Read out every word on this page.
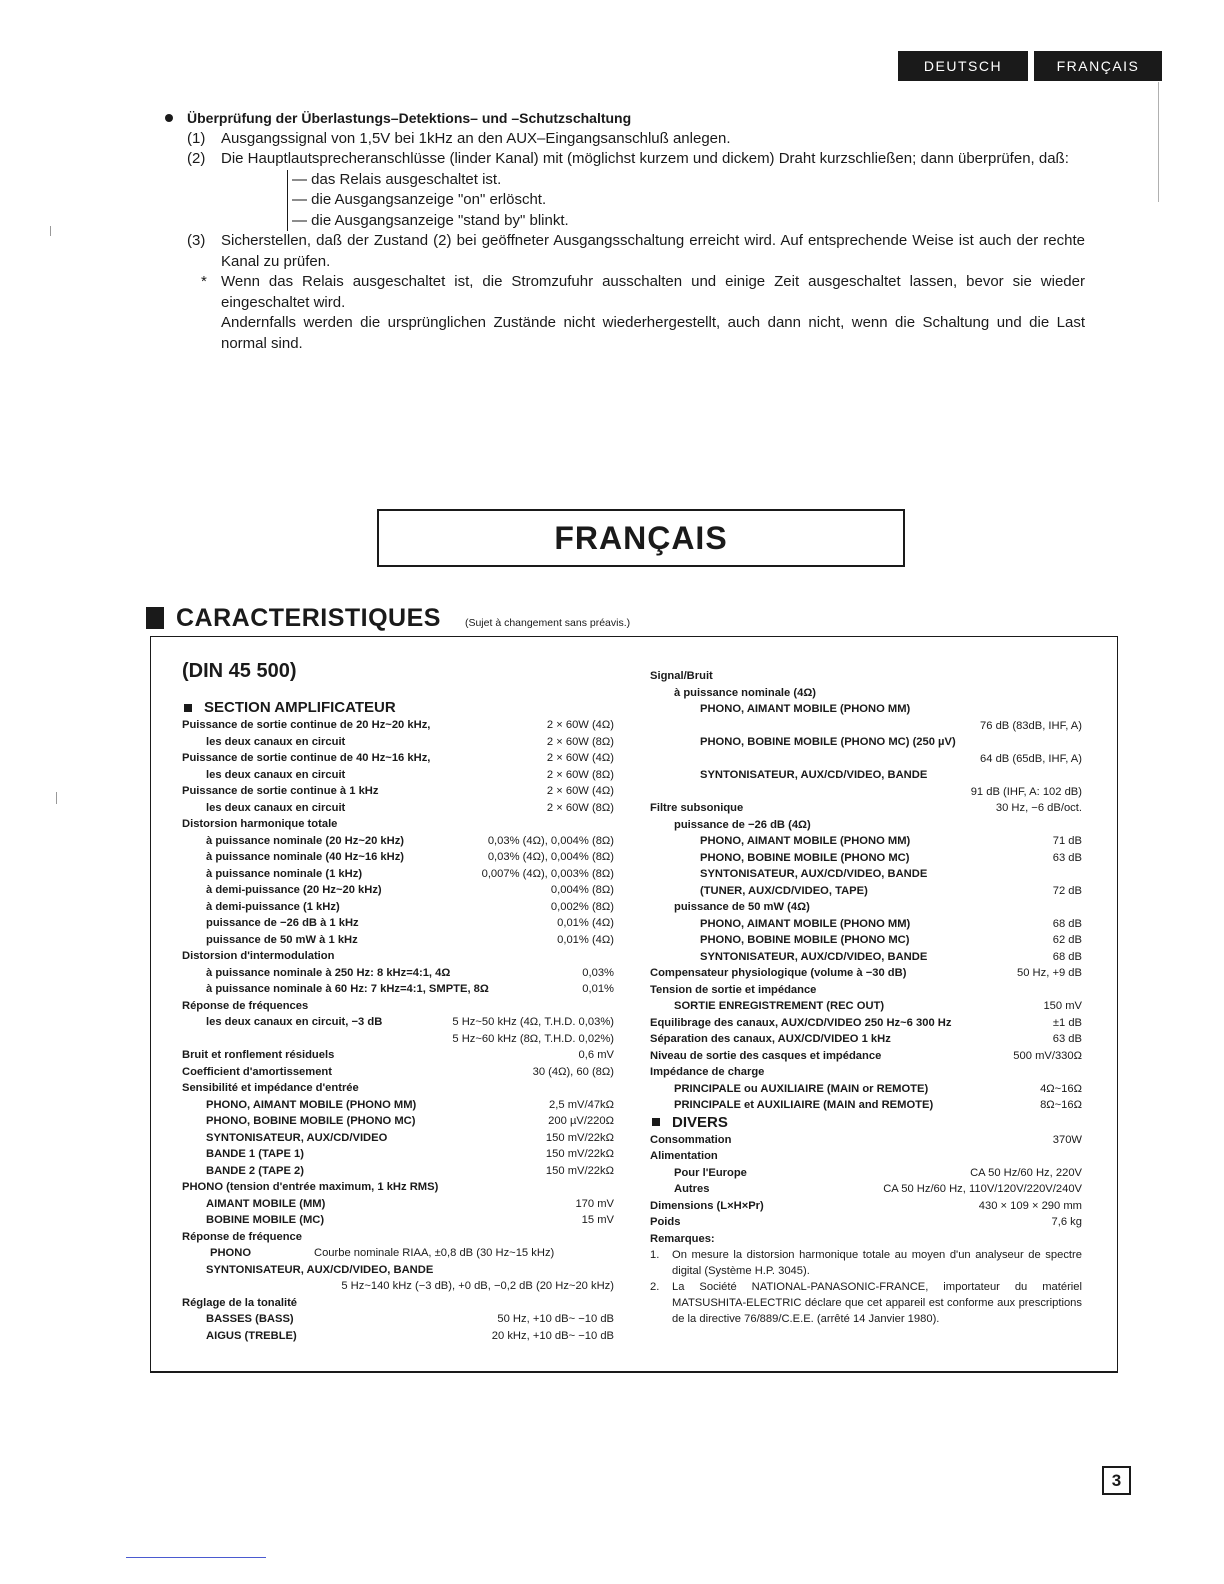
DEUTSCH	FRANÇAIS
Überprüfung der Überlastungs–Detektions– und –Schutzschaltung
(1) Ausgangssignal von 1,5V bei 1kHz an den AUX–Eingangsanschluß anlegen.
(2) Die Hauptlautsprecheranschlüsse (linder Kanal) mit (möglichst kurzem und dickem) Draht kurzschließen; dann überprüfen, daß:
— das Relais ausgeschaltet ist.
— die Ausgangsanzeige "on" erlöscht.
— die Ausgangsanzeige "stand by" blinkt.
(3) Sicherstellen, daß der Zustand (2) bei geöffneter Ausgangsschaltung erreicht wird. Auf entsprechende Weise ist auch der rechte Kanal zu prüfen.
* Wenn das Relais ausgeschaltet ist, die Stromzufuhr ausschalten und einige Zeit ausgeschaltet lassen, bevor sie wieder eingeschaltet wird.
Andernfalls werden die ursprünglichen Zustände nicht wiederhergestellt, auch dann nicht, wenn die Schaltung und die Last normal sind.
FRANÇAIS
CARACTERISTIQUES (Sujet à changement sans préavis.)
(DIN 45 500)
SECTION AMPLIFICATEUR
Puissance de sortie continue de 20 Hz~20 kHz,	2 × 60W (4Ω)
les deux canaux en circuit	2 × 60W (8Ω)
Puissance de sortie continue de 40 Hz~16 kHz,	2 × 60W (4Ω)
les deux canaux en circuit	2 × 60W (8Ω)
Puissance de sortie continue à 1 kHz	2 × 60W (4Ω)
les deux canaux en circuit	2 × 60W (8Ω)
Distorsion harmonique totale
à puissance nominale (20 Hz~20 kHz)	0,03% (4Ω), 0,004% (8Ω)
à puissance nominale (40 Hz~16 kHz)	0,03% (4Ω), 0,004% (8Ω)
à puissance nominale (1 kHz)	0,007% (4Ω), 0,003% (8Ω)
à demi-puissance (20 Hz~20 kHz)	0,004% (8Ω)
à demi-puissance (1 kHz)	0,002% (8Ω)
puissance de −26 dB à 1 kHz	0,01% (4Ω)
puissance de 50 mW à 1 kHz	0,01% (4Ω)
Distorsion d'intermodulation
à puissance nominale à 250 Hz: 8 kHz=4:1, 4Ω	0,03%
à puissance nominale à 60 Hz: 7 kHz=4:1, SMPTE, 8Ω	0,01%
Réponse de fréquences
les deux canaux en circuit, −3 dB	5 Hz~50 kHz (4Ω, T.H.D. 0,03%)
5 Hz~60 kHz (8Ω, T.H.D. 0,02%)
Bruit et ronflement résiduels	0,6 mV
Coefficient d'amortissement	30 (4Ω), 60 (8Ω)
Sensibilité et impédance d'entrée
PHONO, AIMANT MOBILE (PHONO MM)	2,5 mV/47kΩ
PHONO, BOBINE MOBILE (PHONO MC)	200 µV/220Ω
SYNTONISATEUR, AUX/CD/VIDEO	150 mV/22kΩ
BANDE 1 (TAPE 1)	150 mV/22kΩ
BANDE 2 (TAPE 2)	150 mV/22kΩ
PHONO (tension d'entrée maximum, 1 kHz RMS)
AIMANT MOBILE (MM)	170 mV
BOBINE MOBILE (MC)	15 mV
Réponse de fréquence
PHONO	Courbe nominale RIAA, ±0,8 dB (30 Hz~15 kHz)
SYNTONISATEUR, AUX/CD/VIDEO, BANDE
5 Hz~140 kHz (−3 dB), +0 dB, −0,2 dB (20 Hz~20 kHz)
Réglage de la tonalité
BASSES (BASS)	50 Hz, +10 dB~ −10 dB
AIGUS (TREBLE)	20 kHz, +10 dB~ −10 dB
Signal/Bruit
à puissance nominale (4Ω)
PHONO, AIMANT MOBILE (PHONO MM)
76 dB (83dB, IHF, A)
PHONO, BOBINE MOBILE (PHONO MC) (250 µV)
64 dB (65dB, IHF, A)
SYNTONISATEUR, AUX/CD/VIDEO, BANDE
91 dB (IHF, A: 102 dB)
Filtre subsonique	30 Hz, −6 dB/oct.
puissance de −26 dB (4Ω)
PHONO, AIMANT MOBILE (PHONO MM)	71 dB
PHONO, BOBINE MOBILE (PHONO MC)	63 dB
SYNTONISATEUR, AUX/CD/VIDEO, BANDE
(TUNER, AUX/CD/VIDEO, TAPE)	72 dB
puissance de 50 mW (4Ω)
PHONO, AIMANT MOBILE (PHONO MM)	68 dB
PHONO, BOBINE MOBILE (PHONO MC)	62 dB
SYNTONISATEUR, AUX/CD/VIDEO, BANDE	68 dB
Compensateur physiologique (volume à −30 dB)	50 Hz, +9 dB
Tension de sortie et impédance
SORTIE ENREGISTREMENT (REC OUT)	150 mV
Equilibrage des canaux, AUX/CD/VIDEO 250 Hz~6 300 Hz	±1 dB
Séparation des canaux, AUX/CD/VIDEO 1 kHz	63 dB
Niveau de sortie des casques et impédance	500 mV/330Ω
Impédance de charge
PRINCIPALE ou AUXILIAIRE (MAIN or REMOTE)	4Ω~16Ω
PRINCIPALE et AUXILIAIRE (MAIN and REMOTE)	8Ω~16Ω
DIVERS
Consommation	370W
Alimentation
Pour l'Europe	CA 50 Hz/60 Hz, 220V
Autres	CA 50 Hz/60 Hz, 110V/120V/220V/240V
Dimensions (L×H×Pr)	430 × 109 × 290 mm
Poids	7,6 kg
Remarques:
1.	On mesure la distorsion harmonique totale au moyen d'un analyseur de spectre digital (Système H.P. 3045).
2.	La Société NATIONAL-PANASONIC-FRANCE, importateur du matériel MATSUSHITA-ELECTRIC déclare que cet appareil est conforme aux prescriptions de la directive 76/889/C.E.E. (arrêté 14 Janvier 1980).
3
